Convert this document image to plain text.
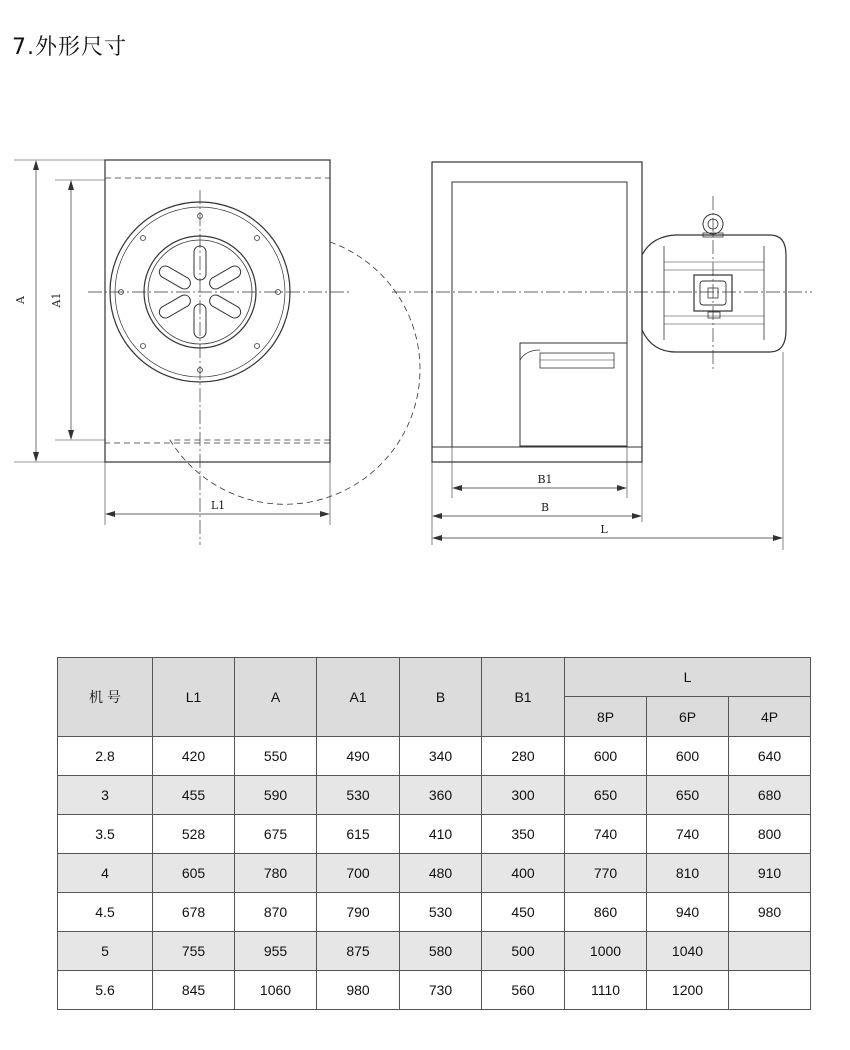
7.外形尺寸
A A1
L1
B1
B
L
机 号	L1	A	A1	B	B1	L		
						8P	6P	4P
2.8	420	550	490	340	280	600	600	640
3	455	590	530	360	300	650	650	680
3.5	528	675	615	410	350	740	740	800
4	605	780	700	480	400	770	810	910
4.5	678	870	790	530	450	860	940	980
5	755	955	875	580	500	1000	1040	
5.6	845	1060	980	730	560	1110	1200	
